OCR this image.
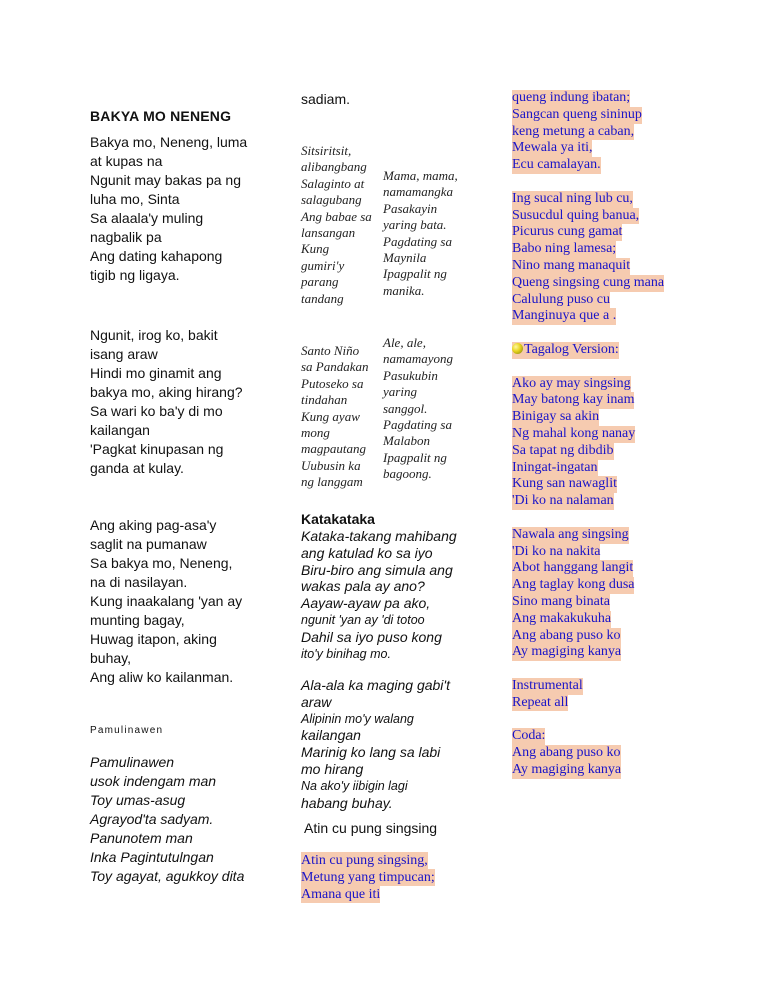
BAKYA MO NENENG
Bakya mo, Neneng, luma
at kupas na
Ngunit may bakas pa ng
luha mo, Sinta
Sa alaala'y muling
nagbalik pa
Ang dating kahapong
tigib ng ligaya.
Ngunit, irog ko, bakit
isang araw
Hindi mo ginamit ang
bakya mo, aking hirang?
Sa wari ko ba'y di mo
kailangan
'Pagkat kinupasan ng
ganda at kulay.
Ang aking pag-asa'y
saglit na pumanaw
Sa bakya mo, Neneng,
na di nasilayan.
Kung inaakalang 'yan ay
munting bagay,
Huwag itapon, aking
buhay,
Ang aliw ko kailanman.
Pamulinawen
Pamulinawen
usok indengam man
Toy umas-asug
Agrayod'ta sadyam.
Panunotem man
Inka Pagintutulngan
Toy agayat, agukkoy dita
sadiam.
Sitsiritsit,
alibangbang
Salaginto at
salagubang
Ang babae sa
lansangan
Kung
gumiri'y
parang
tandang
Mama, mama,
namamangka
Pasakayin
yaring bata.
Pagdating sa
Maynila
Ipagpalit ng
manika.
Santo Niño
sa Pandakan
Putoseko sa
tindahan
Kung ayaw
mong
magpautang
Uubusin ka
ng langgam
Ale, ale,
namamayong
Pasukubin
yaring
sanggol.
Pagdating sa
Malabon
Ipagpalit ng
bagoong.
Katakataka
Kataka-takang mahibang
ang katulad ko sa iyo
Biru-biro ang simula ang
wakas pala ay ano?
Aayaw-ayaw pa ako,
ngunit 'yan ay 'di totoo
Dahil sa iyo puso kong
ito'y binihag mo.
Ala-ala ka maging gabi't
araw
Alipinin mo'y walang
kailangan
Marinig ko lang sa labi
mo hirang
Na ako'y iibigin lagi
habang buhay.
Atin cu pung singsing
Atin cu pung singsing,
Metung yang timpucan;
Amana que iti
queng indung ibatan;
Sangcan queng sininup
keng metung a caban,
Mewala ya iti,
Ecu camalayan.
Ing sucal ning lub cu,
Susucdul quing banua,
Picurus cung gamat
Babo ning lamesa;
Nino mang manaquit
Queng singsing cung mana
Calulung puso cu
Manginuya que a .
Tagalog Version:
Ako ay may singsing
May batong kay inam
Binigay sa akin
Ng mahal kong nanay
Sa tapat ng dibdib
Iningat-ingatan
Kung san nawaglit
'Di ko na nalaman
Nawala ang singsing
'Di ko na nakita
Abot hanggang langit
Ang taglay kong dusa
Sino mang binata
Ang makakukuha
Ang abang puso ko
Ay magiging kanya
Instrumental
Repeat all
Coda:
Ang abang puso ko
Ay magiging kanya
